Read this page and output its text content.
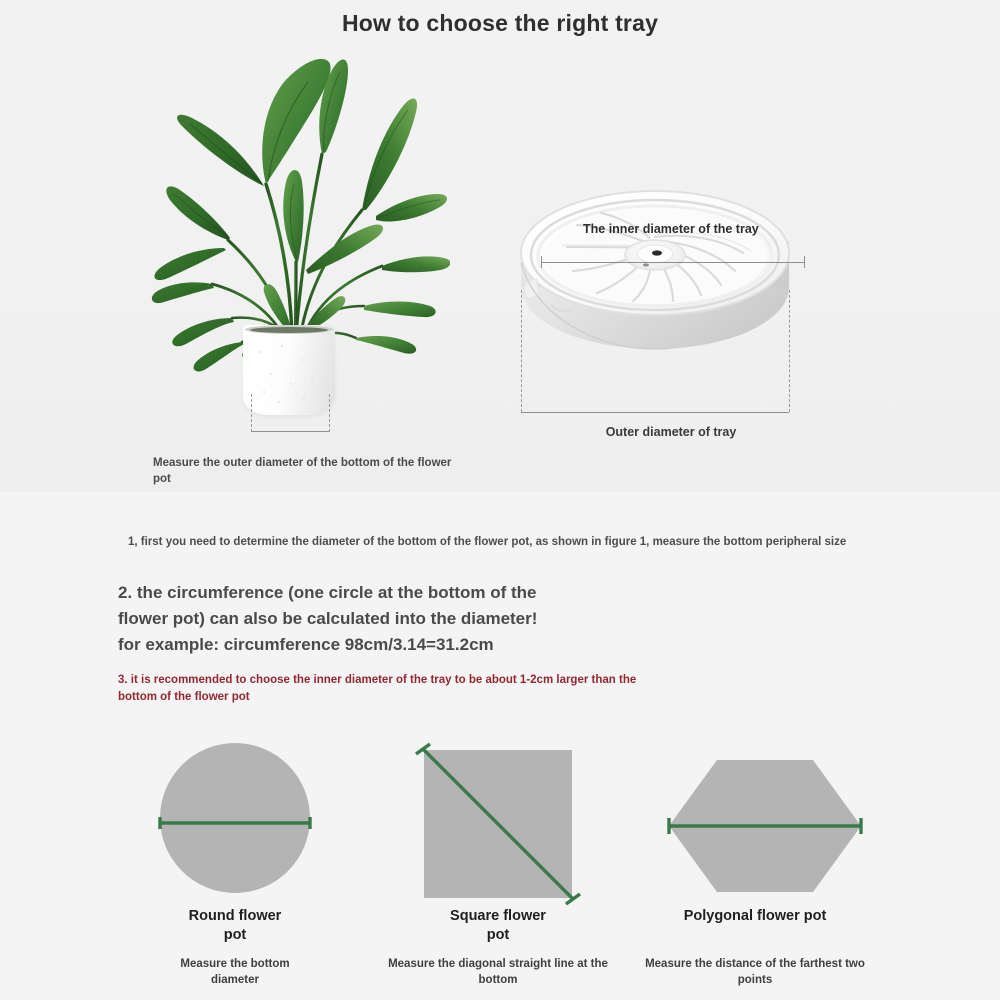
How to choose the right tray
Measure the outer diameter of the bottom of the flower pot
The inner diameter of the tray
Outer diameter of tray
1, first you need to determine the diameter of the bottom of the flower pot, as shown in figure 1, measure the bottom peripheral size
2. the circumference (one circle at the bottom of the
flower pot) can also be calculated into the diameter!
for example: circumference 98cm/3.14=31.2cm
3. it is recommended to choose the inner diameter of the tray to be about 1-2cm larger than the
bottom of the flower pot
Round flower
pot
Measure the bottom
diameter
Square flower
pot
Measure the diagonal straight line at the
bottom
Polygonal flower pot
Measure the distance of the farthest two
points
